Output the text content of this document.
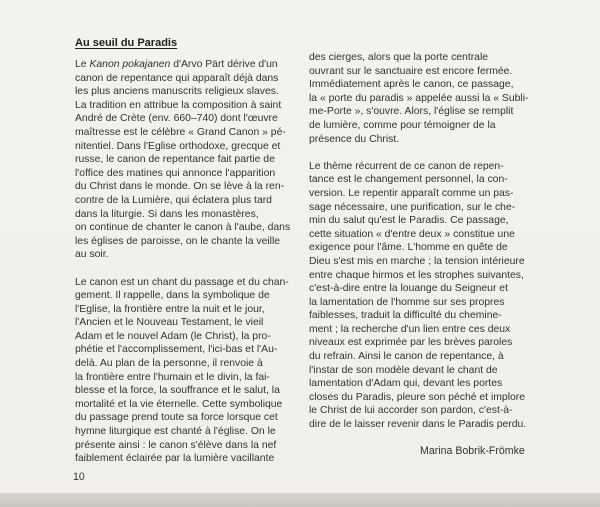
Au seuil du Paradis
Le Kanon pokajanen d'Arvo Pärt dérive d'un
canon de repentance qui apparaît déjà dans
les plus anciens manuscrits religieux slaves.
La tradition en attribue la composition à saint
André de Crète (env. 660–740) dont l'œuvre
maîtresse est le célèbre « Grand Canon » pé-
nitentiel. Dans l'Eglise orthodoxe, grecque et
russe, le canon de repentance fait partie de
l'office des matines qui annonce l'apparition
du Christ dans le monde. On se lève à la ren-
contre de la Lumière, qui éclatera plus tard
dans la liturgie. Si dans les monastères,
on continue de chanter le canon à l'aube, dans
les églises de paroisse, on le chante la veille
au soir.
Le canon est un chant du passage et du chan-
gement. Il rappelle, dans la symbolique de
l'Eglise, la frontière entre la nuit et le jour,
l'Ancien et le Nouveau Testament, le vieil
Adam et le nouvel Adam (le Christ), la pro-
phétie et l'accomplissement, l'ici-bas et l'Au-
delà. Au plan de la personne, il renvoie à
la frontière entre l'humain et le divin, la fai-
blesse et la force, la souffrance et le salut, la
mortalité et la vie éternelle. Cette symbolique
du passage prend toute sa force lorsque cet
hymne liturgique est chanté à l'église. On le
présente ainsi : le canon s'élève dans la nef
faiblement éclairée par la lumière vacillante
des cierges, alors que la porte centrale
ouvrant sur le sanctuaire est encore fermée.
Immédiatement après le canon, ce passage,
la « porte du paradis » appelée aussi la « Subli-
me-Porte », s'ouvre. Alors, l'église se remplit
de lumière, comme pour témoigner de la
présence du Christ.
Le thème récurrent de ce canon de repen-
tance est le changement personnel, la con-
version. Le repentir apparaît comme un pas-
sage nécessaire, une purification, sur le che-
min du salut qu'est le Paradis. Ce passage,
cette situation « d'entre deux » constitue une
exigence pour l'âme. L'homme en quête de
Dieu s'est mis en marche ; la tension intérieure
entre chaque hirmos et les strophes suivantes,
c'est-à-dire entre la louange du Seigneur et
la lamentation de l'homme sur ses propres
faiblesses, traduit la difficulté du chemine-
ment ; la recherche d'un lien entre ces deux
niveaux est exprimée par les brèves paroles
du refrain. Ainsi le canon de repentance, à
l'instar de son modèle devant le chant de
lamentation d'Adam qui, devant les portes
closes du Paradis, pleure son péché et implore
le Christ de lui accorder son pardon, c'est-à-
dire de le laisser revenir dans le Paradis perdu.
Marina Bobrik-Frömke
10
